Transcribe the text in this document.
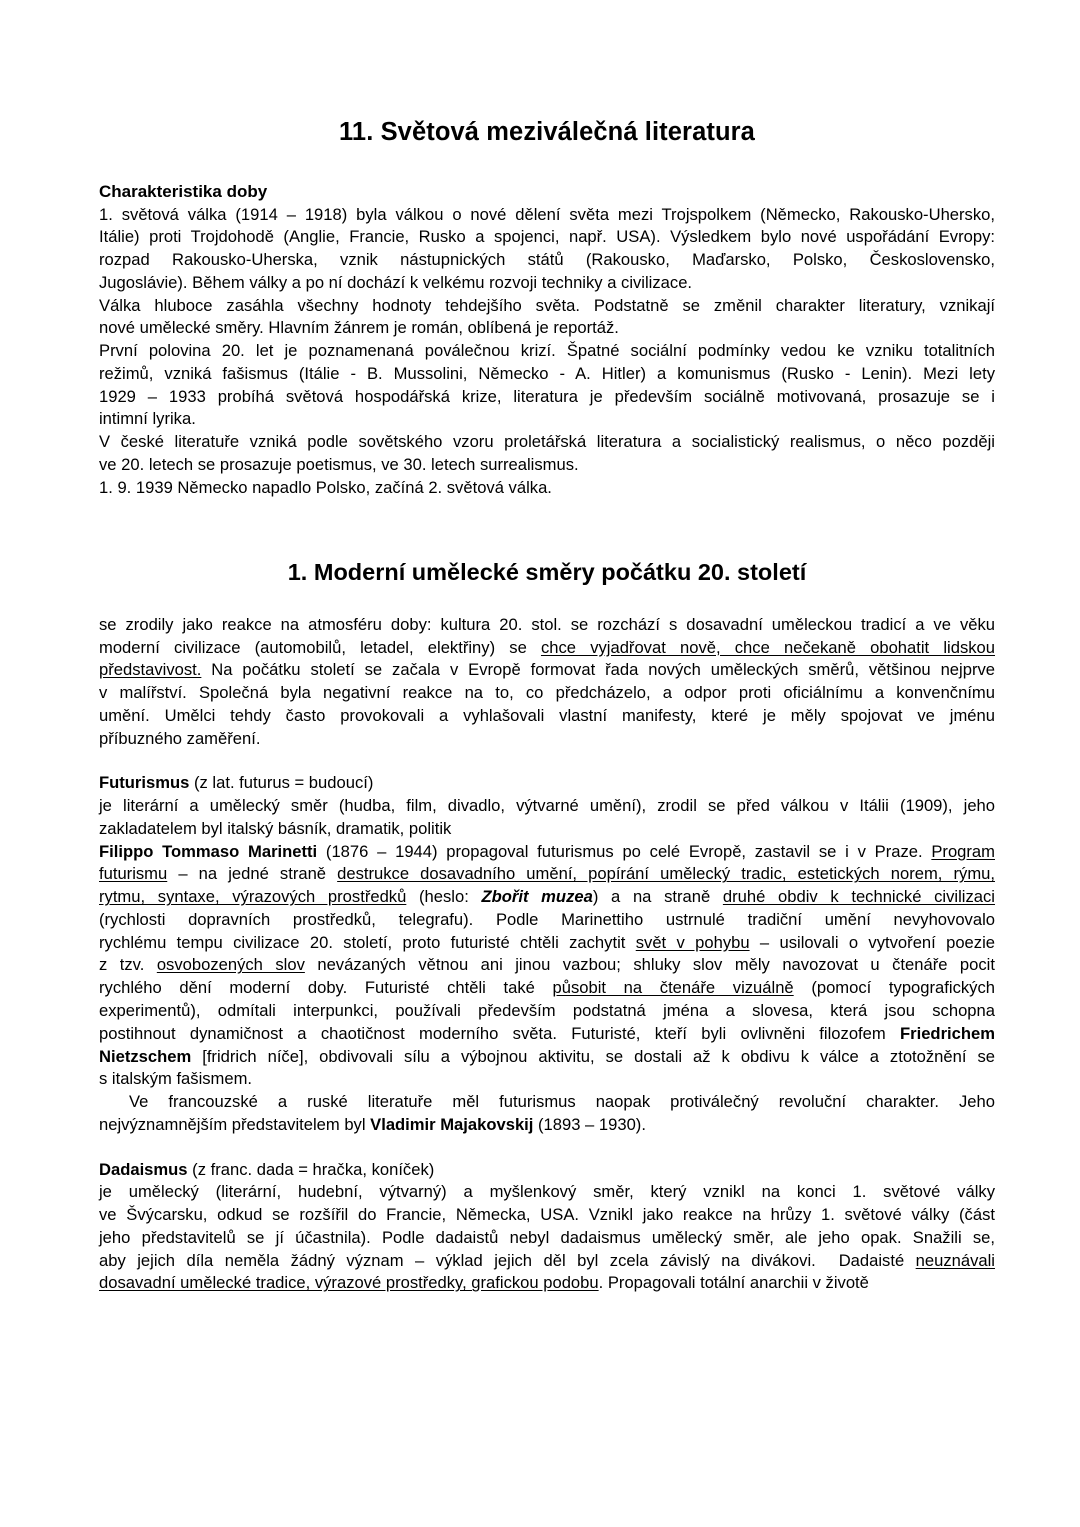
11. Světová meziválečná literatura
Charakteristika doby
1. světová válka (1914 – 1918) byla válkou o nové dělení světa mezi Trojspolkem (Německo, Rakousko-Uhersko,
Itálie) proti Trojdohodě (Anglie, Francie, Rusko a spojenci, např. USA). Výsledkem bylo nové uspořádání Evropy:
rozpad Rakousko-Uherska, vznik nástupnických států (Rakousko, Maďarsko, Polsko, Československo,
Jugoslávie). Během války a po ní dochází k velkému rozvoji techniky a civilizace.
Válka hluboce zasáhla všechny hodnoty tehdejšího světa. Podstatně se změnil charakter literatury, vznikají
nové umělecké směry. Hlavním žánrem je román, oblíbená je reportáž.
První polovina 20. let je poznamenaná poválečnou krizí. Špatné sociální podmínky vedou ke vzniku totalitních
režimů, vzniká fašismus (Itálie - B. Mussolini, Německo - A. Hitler) a komunismus (Rusko - Lenin). Mezi lety
1929 – 1933 probíhá světová hospodářská krize, literatura je především sociálně motivovaná, prosazuje se i
intimní lyrika.
V české literatuře vzniká podle sovětského vzoru proletářská literatura a socialistický realismus, o něco později
ve 20. letech se prosazuje poetismus, ve 30. letech surrealismus.
1. 9. 1939 Německo napadlo Polsko, začíná 2. světová válka.
1. Moderní umělecké směry počátku 20. století
se zrodily jako reakce na atmosféru doby: kultura 20. stol. se rozchází s dosavadní uměleckou tradicí a ve věku
moderní civilizace (automobilů, letadel, elektřiny) se chce vyjadřovat nově, chce nečekaně obohatit lidskou
představivost. Na počátku století se začala v Evropě formovat řada nových uměleckých směrů, většinou nejprve
v malířství. Společná byla negativní reakce na to, co předcházelo, a odpor proti oficiálnímu a konvenčnímu
umění. Umělci tehdy často provokovali a vyhlašovali vlastní manifesty, které je měly spojovat ve jménu
příbuzného zaměření.
Futurismus (z lat. futurus = budoucí)
je literární a umělecký směr (hudba, film, divadlo, výtvarné umění), zrodil se před válkou v Itálii (1909), jeho
zakladatelem byl italský básník, dramatik, politik
Filippo Tommaso Marinetti (1876 – 1944) propagoval futurismus po celé Evropě, zastavil se i v Praze. Program
futurismu – na jedné straně destrukce dosavadního umění, popírání umělecký tradic, estetických norem, rýmu,
rytmu, syntaxe, výrazových prostředků (heslo: Zbořit muzea) a na straně druhé obdiv k technické civilizaci
(rychlosti dopravních prostředků, telegrafu). Podle Marinettiho ustrnulé tradiční umění nevyhovovalo
rychlému tempu civilizace 20. století, proto futuristé chtěli zachytit svět v pohybu – usilovali o vytvoření poezie
z tzv. osvobozených slov nevázaných větnou ani jinou vazbou; shluky slov měly navozovat u čtenáře pocit
rychlého dění moderní doby. Futuristé chtěli také působit na čtenáře vizuálně (pomocí typografických
experimentů), odmítali interpunkci, používali především podstatná jména a slovesa, která jsou schopna
postihnout dynamičnost a chaotičnost moderního světa. Futuristé, kteří byli ovlivněni filozofem Friedrichem
Nietzschem [fridrich níče], obdivovali sílu a výbojnou aktivitu, se dostali až k obdivu k válce a ztotožnění se
s italským fašismem.
Ve francouzské a ruské literatuře měl futurismus naopak protiválečný revoluční charakter. Jeho
nejvýznamnějším představitelem byl Vladimir Majakovskij (1893 – 1930).
Dadaismus (z franc. dada = hračka, koníček)
je umělecký (literární, hudební, výtvarný) a myšlenkový směr, který vznikl na konci 1. světové války
ve Švýcarsku, odkud se rozšířil do Francie, Německa, USA. Vznikl jako reakce na hrůzy 1. světové války (část
jeho představitelů se jí účastnila). Podle dadaistů nebyl dadaismus umělecký směr, ale jeho opak. Snažili se,
aby jejich díla neměla žádný význam – výklad jejich děl byl zcela závislý na divákovi.  Dadaisté neuznávali
dosavadní umělecké tradice, výrazové prostředky, grafickou podobu. Propagovali totální anarchii v životě
